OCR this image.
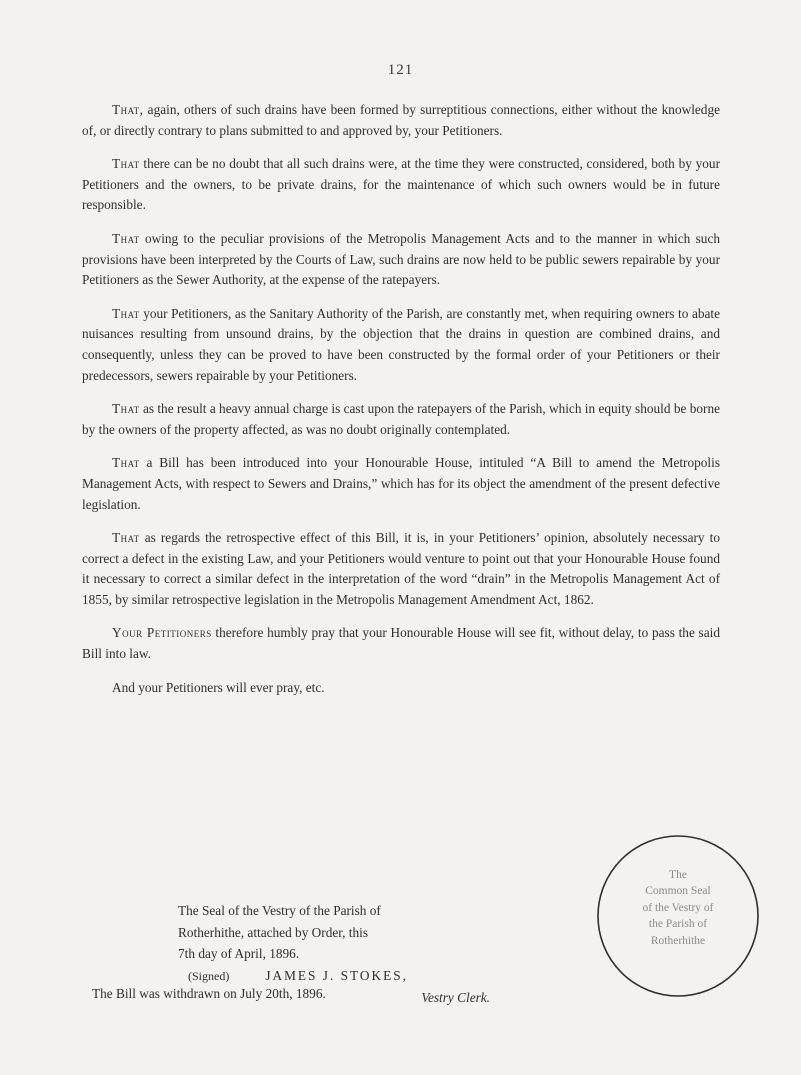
121

That, again, others of such drains have been formed by surreptitious connections, either without the knowledge of, or directly contrary to plans submitted to and approved by, your Petitioners.

That there can be no doubt that all such drains were, at the time they were constructed, considered, both by your Petitioners and the owners, to be private drains, for the maintenance of which such owners would be in future responsible.

That owing to the peculiar provisions of the Metropolis Management Acts and to the manner in which such provisions have been interpreted by the Courts of Law, such drains are now held to be public sewers repairable by your Petitioners as the Sewer Authority, at the expense of the ratepayers.

That your Petitioners, as the Sanitary Authority of the Parish, are constantly met, when requiring owners to abate nuisances resulting from unsound drains, by the objection that the drains in question are combined drains, and consequently, unless they can be proved to have been constructed by the formal order of your Petitioners or their predecessors, sewers repairable by your Petitioners.

That as the result a heavy annual charge is cast upon the ratepayers of the Parish, which in equity should be borne by the owners of the property affected, as was no doubt originally contemplated.

That a Bill has been introduced into your Honourable House, intituled “A Bill to amend the Metropolis Management Acts, with respect to Sewers and Drains,” which has for its object the amendment of the present defective legislation.

That as regards the retrospective effect of this Bill, it is, in your Petitioners’ opinion, absolutely necessary to correct a defect in the existing Law, and your Petitioners would venture to point out that your Honourable House found it necessary to correct a similar defect in the interpretation of the word “drain” in the Metropolis Management Act of 1855, by similar retrospective legislation in the Metropolis Management Amendment Act, 1862.

Your Petitioners therefore humbly pray that your Honourable House will see fit, without delay, to pass the said Bill into law.

And your Petitioners will ever pray, etc.

The Seal of the Vestry of the Parish of
Rotherhithe, attached by Order, this
7th day of April, 1896.
(Signed)	JAMES J. STOKES,
Vestry Clerk.
The Bill was withdrawn on July 20th, 1896.
The
Common Seal
of the Vestry of
the Parish of
Rotherhithe
